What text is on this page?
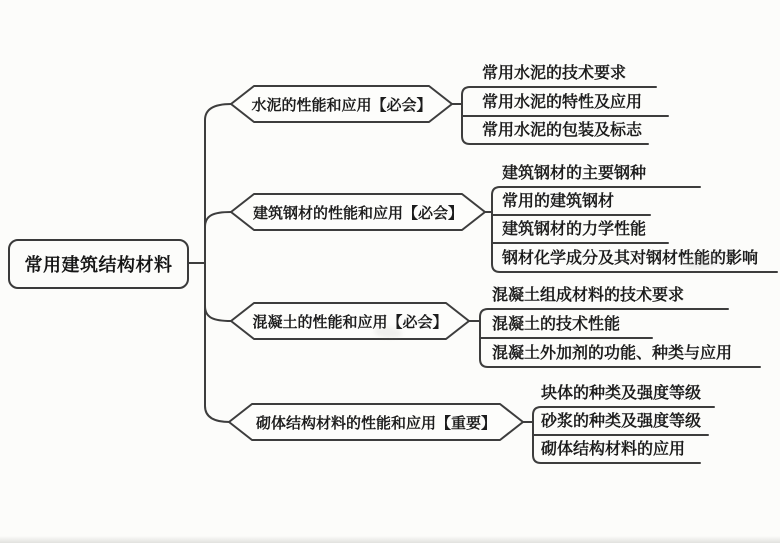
常用建筑结构材料
水泥的性能和应用【必会】
建筑钢材的性能和应用【必会】
混凝土的性能和应用【必会】
砌体结构材料的性能和应用【重要】
常用水泥的技术要求
常用水泥的特性及应用
常用水泥的包装及标志
建筑钢材的主要钢种
常用的建筑钢材
建筑钢材的力学性能
钢材化学成分及其对钢材性能的影响
混凝土组成材料的技术要求
混凝土的技术性能
混凝土外加剂的功能、种类与应用
块体的种类及强度等级
砂浆的种类及强度等级
砌体结构材料的应用
